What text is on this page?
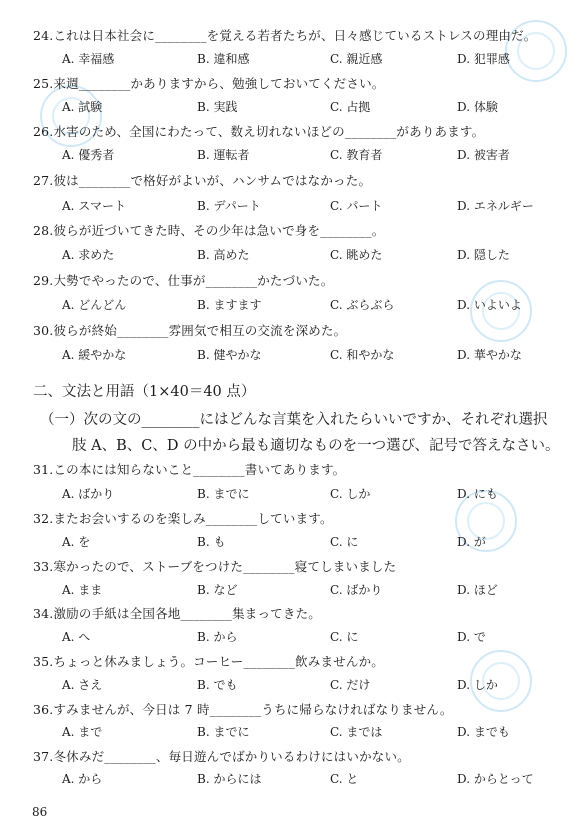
24.これは日本社会に________を覚える若者たちが、日々感じているストレスの理由だ。
A. 幸福感	B. 違和感	C. 親近感	D. 犯罪感
25.来週________かありますから、勉強しておいてください。
A. 試験	B. 実践	C. 占拠	D. 体験
26.水害のため、全国にわたって、数え切れないほどの________がありあます。
A. 優秀者	B. 運転者	C. 教育者	D. 被害者
27.彼は________で格好がよいが、ハンサムではなかった。
A. スマート	B. デパート	C. パート	D. エネルギー
28.彼らが近づいてきた時、その少年は急いで身を________。
A. 求めた	B. 高めた	C. 眺めた	D. 隠した
29.大勢でやったので、仕事が________かたづいた。
A. どんどん	B. ますます	C. ぶらぶら	D. いよいよ
30.彼らが終始________雰囲気で相互の交流を深めた。
A. 緩やかな	B. 健やかな	C. 和やかな	D. 華やかな
二、文法と用語（1×40＝40 点）
（一）次の文の________にはどんな言葉を入れたらいいですか、それぞれ選択
肢 A、B、C、D の中から最も適切なものを一つ選び、記号で答えなさい。
31.この本には知らないこと________書いてあります。
A. ばかり	B. までに	C. しか	D. にも
32.またお会いするのを楽しみ________しています。
A. を	B. も	C. に	D. が
33.寒かったので、ストーブをつけた________寝てしまいました
A. まま	B. など	C. ばかり	D. ほど
34.激励の手紙は全国各地________集まってきた。
A. へ	B. から	C. に	D. で
35.ちょっと休みましょう。コーヒー________飲みませんか。
A. さえ	B. でも	C. だけ	D. しか
36.すみませんが、今日は 7 時________うちに帰らなければなりません。
A. まで	B. までに	C. までは	D. までも
37.冬休みだ________、毎日遊んでばかりいるわけにはいかない。
A. から	B. からには	C. と	D. からとって
86
